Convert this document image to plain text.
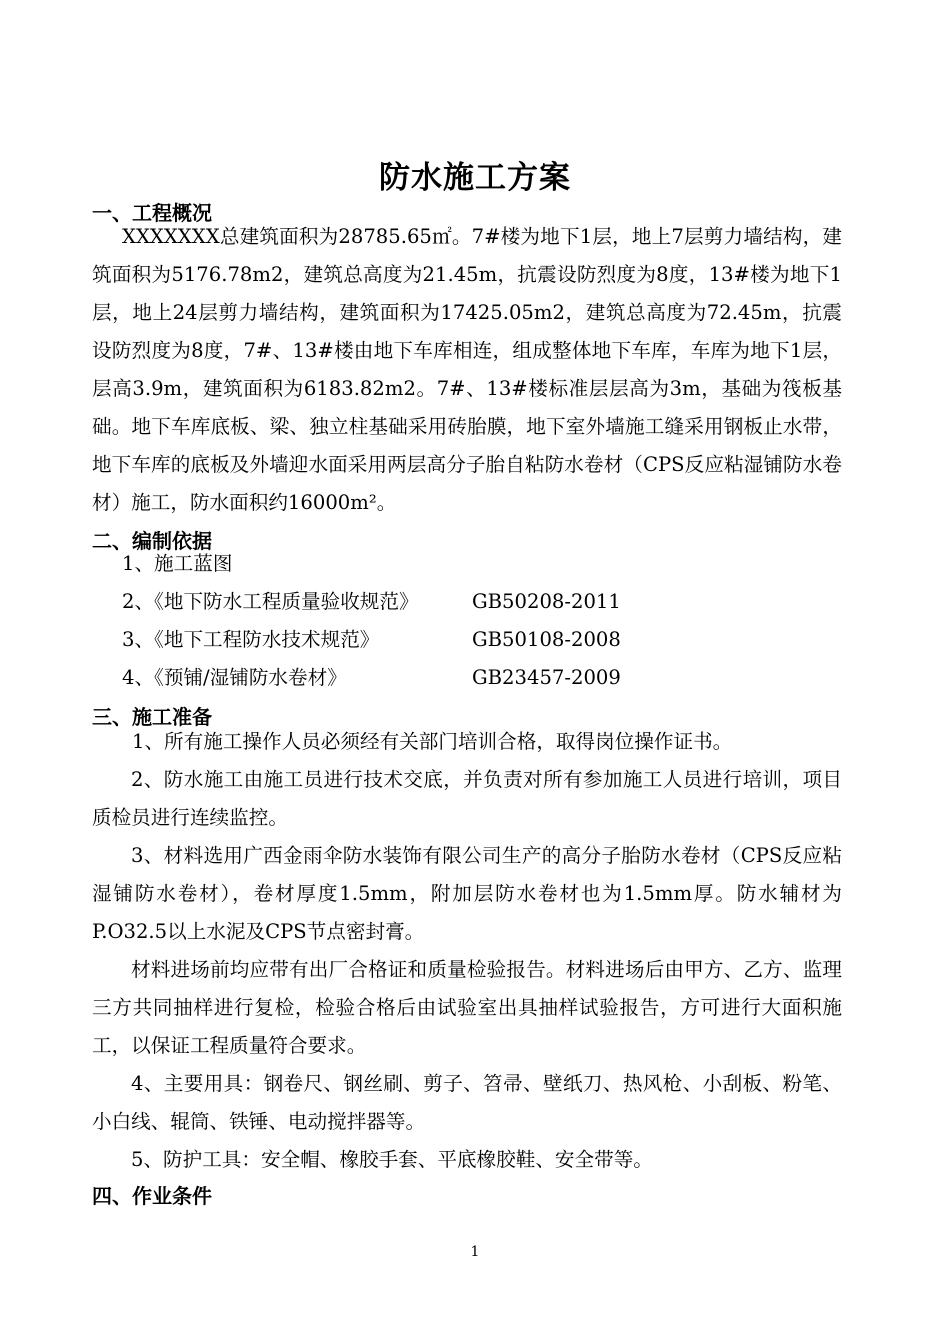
防水施工方案
一、工程概况

XXXXXXX总建筑面积为28785.65㎡。7#楼为地下1层，地上7层剪力墙结构，建筑面积为5176.78m2，建筑总高度为21.45m，抗震设防烈度为8度，13#楼为地下1层，地上24层剪力墙结构，建筑面积为17425.05m2，建筑总高度为72.45m，抗震设防烈度为8度，7#、13#楼由地下车库相连，组成整体地下车库，车库为地下1层，层高3.9m，建筑面积为6183.82m2。7#、13#楼标准层层高为3m，基础为筏板基础。地下车库底板、梁、独立柱基础采用砖胎膜，地下室外墙施工缝采用钢板止水带，地下车库的底板及外墙迎水面采用两层高分子胎自粘防水卷材（CPS反应粘湿铺防水卷材）施工，防水面积约16000m²。

二、编制依据
1、施工蓝图
2、《地下防水工程质量验收规范》	GB50208-2011
3、《地下工程防水技术规范》	GB50108-2008
4、《预铺/湿铺防水卷材》	GB23457-2009
三、施工准备
1、所有施工操作人员必须经有关部门培训合格，取得岗位操作证书。

2、防水施工由施工员进行技术交底，并负责对所有参加施工人员进行培训，项目质检员进行连续监控。

3、材料选用广西金雨伞防水装饰有限公司生产的高分子胎防水卷材（CPS反应粘湿铺防水卷材），卷材厚度1.5mm，附加层防水卷材也为1.5mm厚。防水辅材为P.O32.5以上水泥及CPS节点密封膏。

材料进场前均应带有出厂合格证和质量检验报告。材料进场后由甲方、乙方、监理三方共同抽样进行复检，检验合格后由试验室出具抽样试验报告，方可进行大面积施工，以保证工程质量符合要求。

4、主要用具：钢卷尺、钢丝刷、剪子、笤帚、壁纸刀、热风枪、小刮板、粉笔、小白线、辊筒、铁锤、电动搅拌器等。

5、防护工具：安全帽、橡胶手套、平底橡胶鞋、安全带等。

四、作业条件
1
